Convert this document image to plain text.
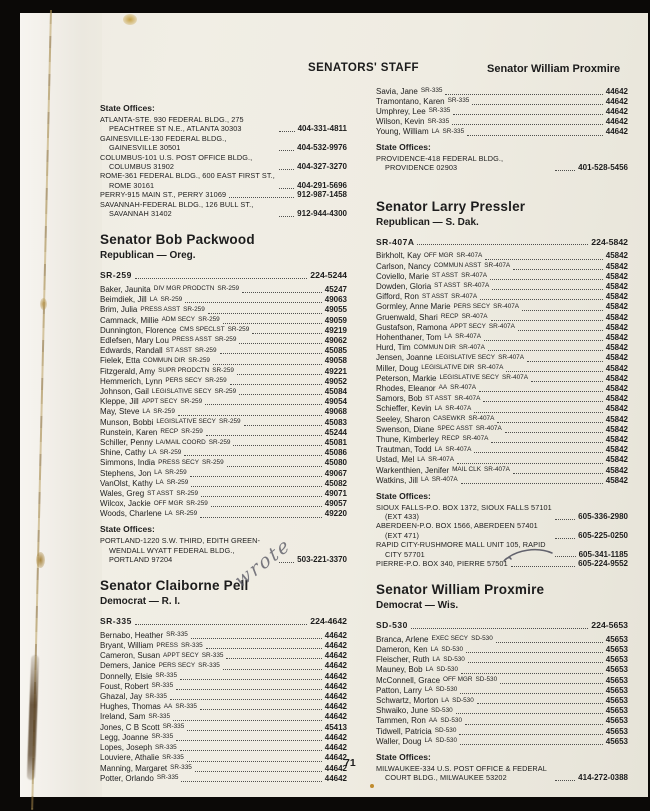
SENATORS' STAFF	Senator William Proxmire
State Offices:
ATLANTA-STE. 930 FEDERAL BLDG., 275 PEACHTREE ST N.E., ATLANTA 30303	404-331-4811
GAINESVILLE-130 FEDERAL BLDG., GAINESVILLE 30501	404-532-9976
COLUMBUS-101 U.S. POST OFFICE BLDG., COLUMBUS 31902	404-327-3270
ROME-361 FEDERAL BLDG., 600 EAST FIRST ST., ROME 30161	404-291-5696
PERRY-915 MAIN ST., PERRY 31069	912-987-1458
SAVANNAH-FEDERAL BLDG., 126 BULL ST., SAVANNAH 31402	912-944-4300
Senator Bob Packwood
Republican — Oreg.
SR-259	224-5244
Baker, Jaunita DIV MGR PRODCTN SR-259	45247
Beimdiek, Jill LA SR-259	49063
Brim, Julia PRESS ASST SR-259	49055
Cammack, Millie ADM SECY SR-259	49059
Dunnington, Florence CMS SPECLST SR-259	49219
Edlefsen, Mary Lou PRESS ASST SR-259	49062
Edwards, Randall ST ASST SR-259	45085
Fielek, Etta COMMUN DIR SR-259	49058
Fitzgerald, Amy SUPR PRODCTN SR-259	49221
Hemmerich, Lynn PERS SECY SR-259	49052
Johnson, Gail LEGISLATIVE SECY SR-259	45084
Kleppe, Jill APPT SECY SR-259	49054
May, Steve LA SR-259	49068
Munson, Bobbi LEGISLATIVE SECY SR-259	45083
Runstein, Karen RECP SR-259	45244
Schiller, Penny LA/MAIL COORD SR-259	45081
Shine, Cathy LA SR-259	45086
Simmons, India PRESS SECY SR-259	45080
Stephens, Jon LA SR-259	49067
VanOlst, Kathy LA SR-259	45082
Wales, Greg ST ASST SR-259	49071
Wilcox, Jackie OFF MGR SR-259	49057
Woods, Charlene LA SR-259	49220
State Offices:
PORTLAND-1220 S.W. THIRD, EDITH GREEN-WENDALL WYATT FEDERAL BLDG., PORTLAND 97204	503-221-3370
Senator Claiborne Pell
Democrat — R. I.
SR-335	224-4642
Bernabo, Heather SR-335	44642
Bryant, William PRESS SR-335	44642
Cameron, Susan APPT SECY SR-335	44642
Demers, Janice PERS SECY SR-335	44642
Donnelly, Elsie SR-335	44642
Foust, Robert SR-335	44642
Ghazal, Jay SR-335	44642
Hughes, Thomas AA SR-335	44642
Ireland, Sam SR-335	44642
Jones, C B Scott SR-335	45413
Legg, Joanne SR-335	44642
Lopes, Joseph SR-335	44642
Louviere, Athalie SR-335	44642
Manning, Margaret SR-335	44642
Potter, Orlando SR-335	44642
Savia, Jane SR-335	44642
Tramontano, Karen SR-335	44642
Umphrey, Lee SR-335	44642
Wilson, Kevin SR-335	44642
Young, William LA SR-335	44642
State Offices:
PROVIDENCE-418 FEDERAL BLDG., PROVIDENCE 02903	401-528-5456
Senator Larry Pressler
Republican — S. Dak.
SR-407A	224-5842
Birkholt, Kay OFF MGR SR-407A	45842
Carlson, Nancy COMMUN ASST SR-407A	45842
Coviello, Marie ST ASST SR-407A	45842
Dowden, Gloria ST ASST SR-407A	45842
Gifford, Ron ST ASST SR-407A	45842
Gormley, Anne Marie PERS SECY SR-407A	45842
Gruenwald, Shari RECP SR-407A	45842
Gustafson, Ramona APPT SECY SR-407A	45842
Hohenthaner, Tom LA SR-407A	45842
Hurd, Tim COMMUN DIR SR-407A	45842
Jensen, Joanne LEGISLATIVE SECY SR-407A	45842
Miller, Doug LEGISLATIVE DIR SR-407A	45842
Peterson, Markie LEGISLATIVE SECY SR-407A	45842
Rhodes, Eleanor AA SR-407A	45842
Samors, Bob ST ASST SR-407A	45842
Schieffer, Kevin LA SR-407A	45842
Seeley, Sharon CASEWKR SR-407A	45842
Swenson, Diane SPEC ASST SR-407A	45842
Thune, Kimberley RECP SR-407A	45842
Trautman, Todd LA SR-407A	45842
Ustad, Mel LA SR-407A	45842
Warkenthien, Jenifer MAIL CLK SR-407A	45842
Watkins, Jill LA SR-407A	45842
State Offices:
SIOUX FALLS-P.O. BOX 1372, SIOUX FALLS 57101 (EXT 433)	605-336-2980
ABERDEEN-P.O. BOX 1566, ABERDEEN 57401 (EXT 471)	605-225-0250
RAPID CITY-RUSHMORE MALL UNIT 105, RAPID CITY 57701	605-341-1185
PIERRE-P.O. BOX 340, PIERRE 57501	605-224-9552
Senator William Proxmire
Democrat — Wis.
SD-530	224-5653
Branca, Arlene EXEC SECY SD-530	45653
Dameron, Ken LA SD-530	45653
Fleischer, Ruth LA SD-530	45653
Mauney, Bob LA SD-530	45653
McConnell, Grace OFF MGR SD-530	45653
Patton, Larry LA SD-530	45653
Schwartz, Morton LA SD-530	45653
Shwaiko, June SD-530	45653
Tammen, Ron AA SD-530	45653
Tidwell, Patricia SD-530	45653
Waller, Doug LA SD-530	45653
State Offices:
MILWAUKEE-334 U.S. POST OFFICE & FEDERAL COURT BLDG., MILWAUKEE 53202	414-272-0388
71
wrote
